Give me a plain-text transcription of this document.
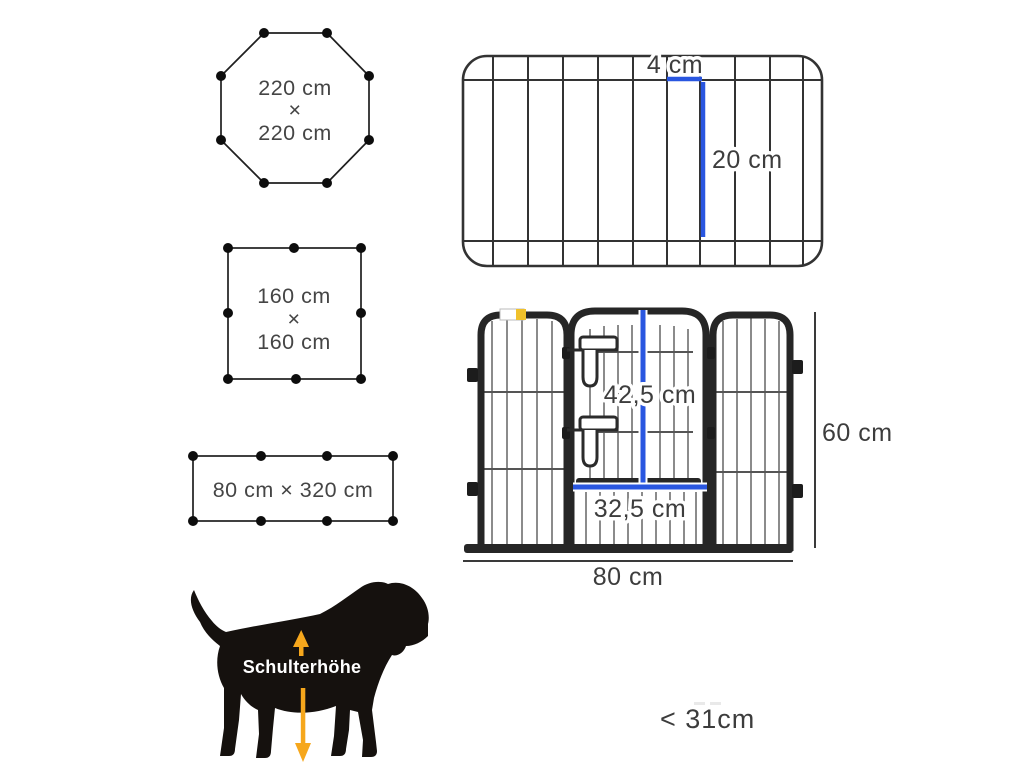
220 cm
×
220 cm
160 cm
×
160 cm
80 cm × 320 cm
4 cm
20 cm
42,5 cm
32,5 cm
60 cm
80 cm
Schulterhöhe
< 31cm
